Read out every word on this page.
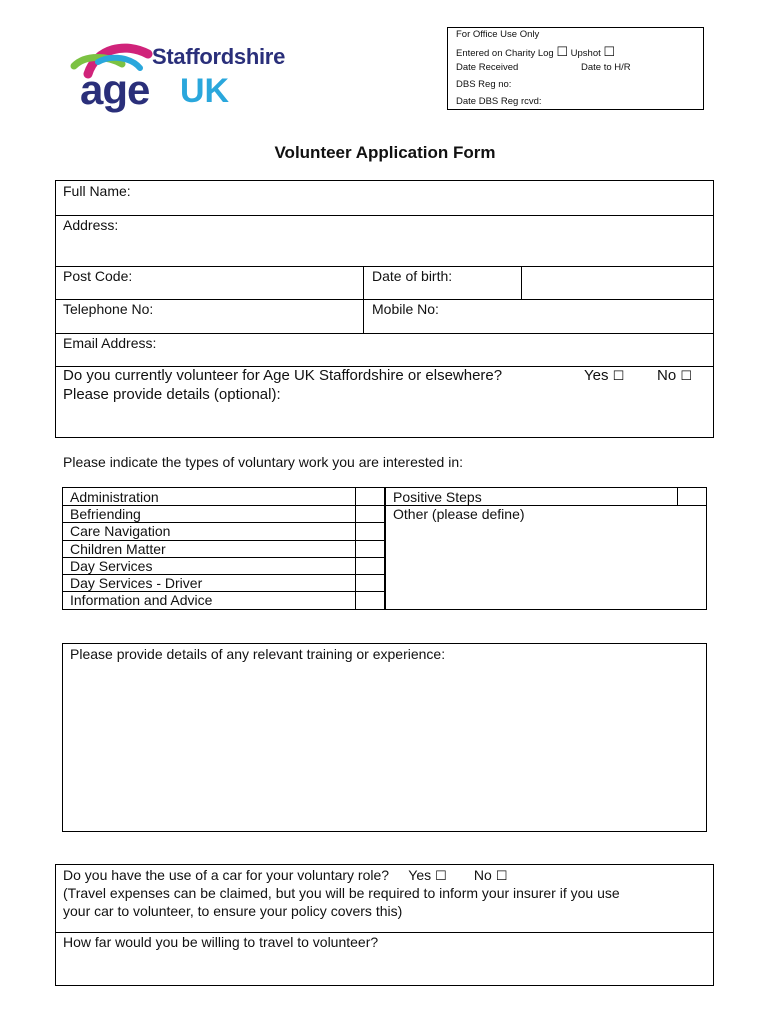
Staffordshire
age UK
For Office Use Only
Entered on Charity Log ☐ Upshot ☐
Date Received	Date to H/R
DBS Reg no:
Date DBS Reg rcvd:
Volunteer Application Form
Full Name:
Address:
Post Code:	Date of birth:
Telephone No:	Mobile No:
Email Address:
Do you currently volunteer for Age UK Staffordshire or elsewhere?	Yes ☐ No ☐
Please provide details (optional):
Please indicate the types of voluntary work you are interested in:
Administration
Befriending
Care Navigation
Children Matter
Day Services
Day Services - Driver
Information and Advice
Positive Steps
Other (please define)
Please provide details of any relevant training or experience:
Do you have the use of a car for your voluntary role? Yes ☐ No ☐
(Travel expenses can be claimed, but you will be required to inform your insurer if you use
your car to volunteer, to ensure your policy covers this)
How far would you be willing to travel to volunteer?
